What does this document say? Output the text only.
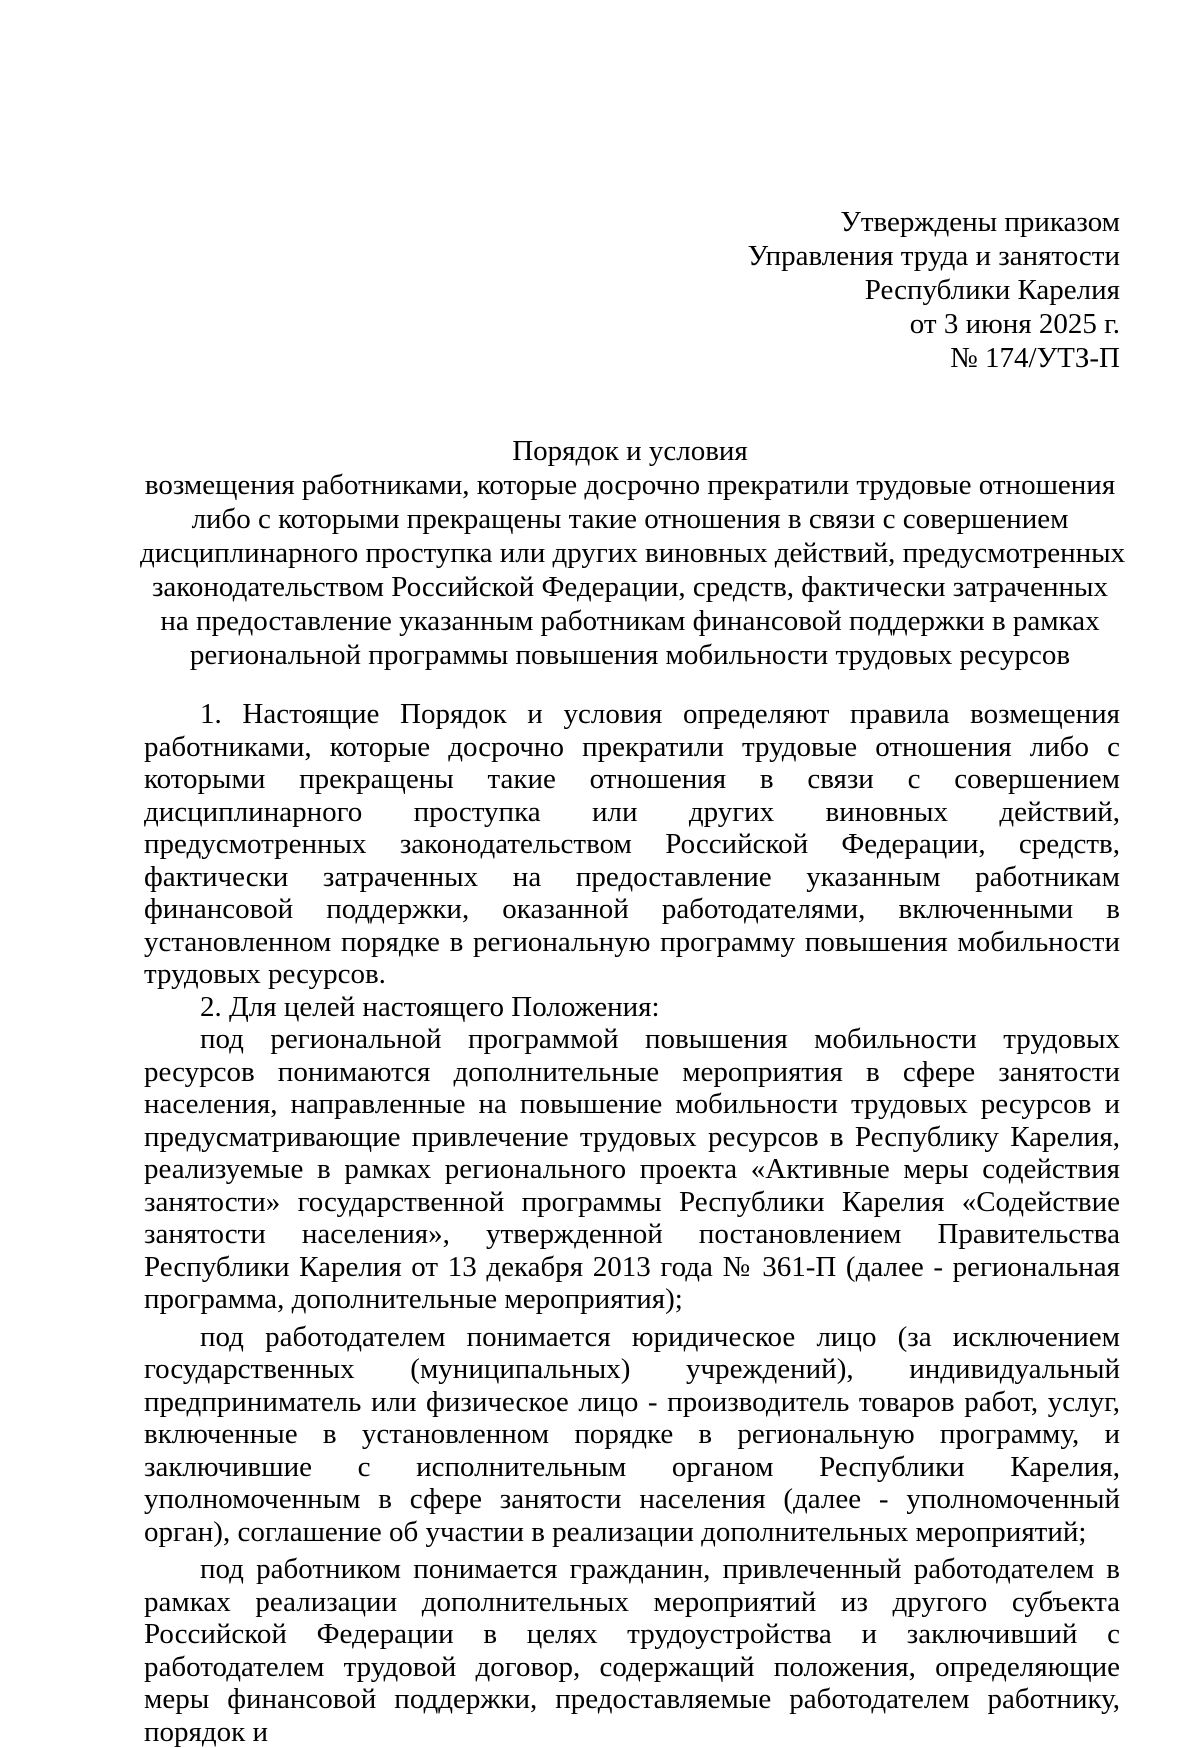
Утверждены приказом
Управления труда и занятости
Республики Карелия
от 3 июня 2025 г.
№ 174/УТЗ-П
Порядок и условия
возмещения работниками, которые досрочно прекратили трудовые отношения
либо с которыми прекращены такие отношения в связи с совершением
дисциплинарного проступка или других виновных действий, предусмотренных
законодательством Российской Федерации, средств, фактически затраченных
на предоставление указанным работникам финансовой поддержки в рамках
региональной программы повышения мобильности трудовых ресурсов

1. Настоящие Порядок и условия определяют правила возмещения работниками, которые досрочно прекратили трудовые отношения либо с которыми прекращены такие отношения в связи с совершением дисциплинарного проступка или других виновных действий, предусмотренных законодательством Российской Федерации, средств, фактически затраченных на предоставление указанным работникам финансовой поддержки, оказанной работодателями, включенными в установленном порядке в региональную программу повышения мобильности трудовых ресурсов.

2. Для целей настоящего Положения:

под региональной программой повышения мобильности трудовых ресурсов понимаются дополнительные мероприятия в сфере занятости населения, направленные на повышение мобильности трудовых ресурсов и предусматривающие привлечение трудовых ресурсов в Республику Карелия, реализуемые в рамках регионального проекта «Активные меры содействия занятости» государственной программы Республики Карелия «Содействие занятости населения», утвержденной постановлением Правительства Республики Карелия от 13 декабря 2013 года № 361-П (далее - региональная программа, дополнительные мероприятия);

под работодателем понимается юридическое лицо (за исключением государственных (муниципальных) учреждений), индивидуальный предприниматель или физическое лицо - производитель товаров работ, услуг, включенные в установленном порядке в региональную программу, и заключившие с исполнительным органом Республики Карелия, уполномоченным в сфере занятости населения (далее - уполномоченный орган), соглашение об участии в реализации дополнительных мероприятий;

под работником понимается гражданин, привлеченный работодателем в рамках реализации дополнительных мероприятий из другого субъекта Российской Федерации в целях трудоустройства и заключивший с работодателем трудовой договор, содержащий положения, определяющие меры финансовой поддержки, предоставляемые работодателем работнику, порядок и
